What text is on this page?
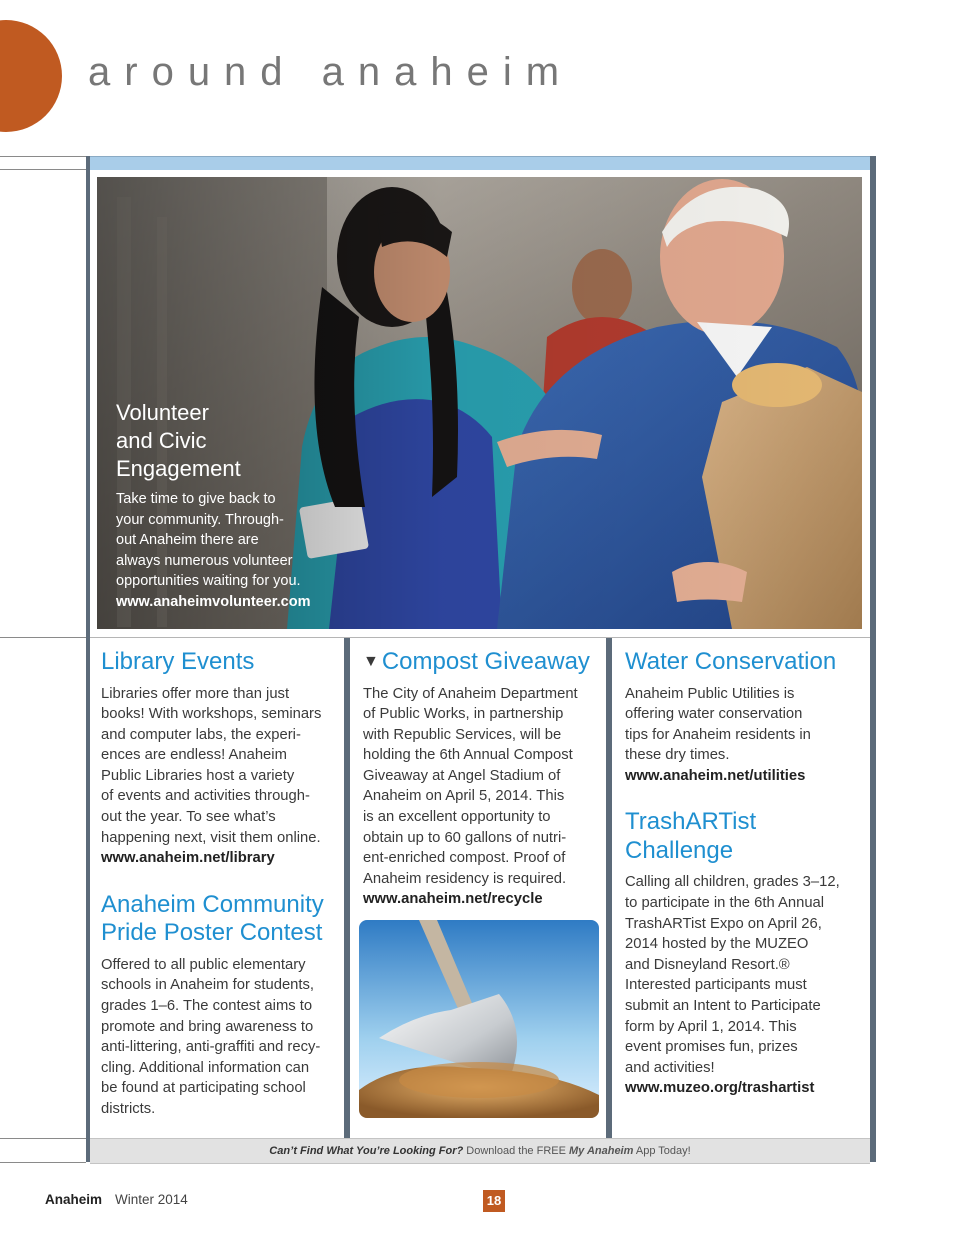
around anaheim
Volunteer
and Civic
Engagement
Take time to give back to
your community. Through-
out Anaheim there are
always numerous volunteer
opportunities waiting for you.
www.anaheimvolunteer.com
Library Events
Libraries offer more than just
books! With workshops, seminars
and computer labs, the experi-
ences are endless! Anaheim
Public Libraries host a variety
of events and activities through-
out the year. To see what’s
happening next, visit them online.
www.anaheim.net/library
Anaheim Community
Pride Poster Contest
Offered to all public elementary
schools in Anaheim for students,
grades 1–6. The contest aims to
promote and bring awareness to
anti-littering, anti-graffiti and recy-
cling. Additional information can
be found at participating school
districts.
▼ Compost Giveaway
The City of Anaheim Department
of Public Works, in partnership
with Republic Services, will be
holding the 6th Annual Compost
Giveaway at Angel Stadium of
Anaheim on April 5, 2014. This
is an excellent opportunity to
obtain up to 60 gallons of nutri-
ent-enriched compost. Proof of
Anaheim residency is required.
www.anaheim.net/recycle
Water Conservation
Anaheim Public Utilities is
offering water conservation
tips for Anaheim residents in
these dry times.
www.anaheim.net/utilities
TrashARTist
Challenge
Calling all children, grades 3–12,
to participate in the 6th Annual
TrashARTist Expo on April 26,
2014 hosted by the MUZEO
and Disneyland Resort.®
Interested participants must
submit an Intent to Participate
form by April 1, 2014. This
event promises fun, prizes
and activities!
www.muzeo.org/trashartist
Can’t Find What You’re Looking For? Download the FREE My Anaheim App Today!
Anaheim Winter 2014	18
